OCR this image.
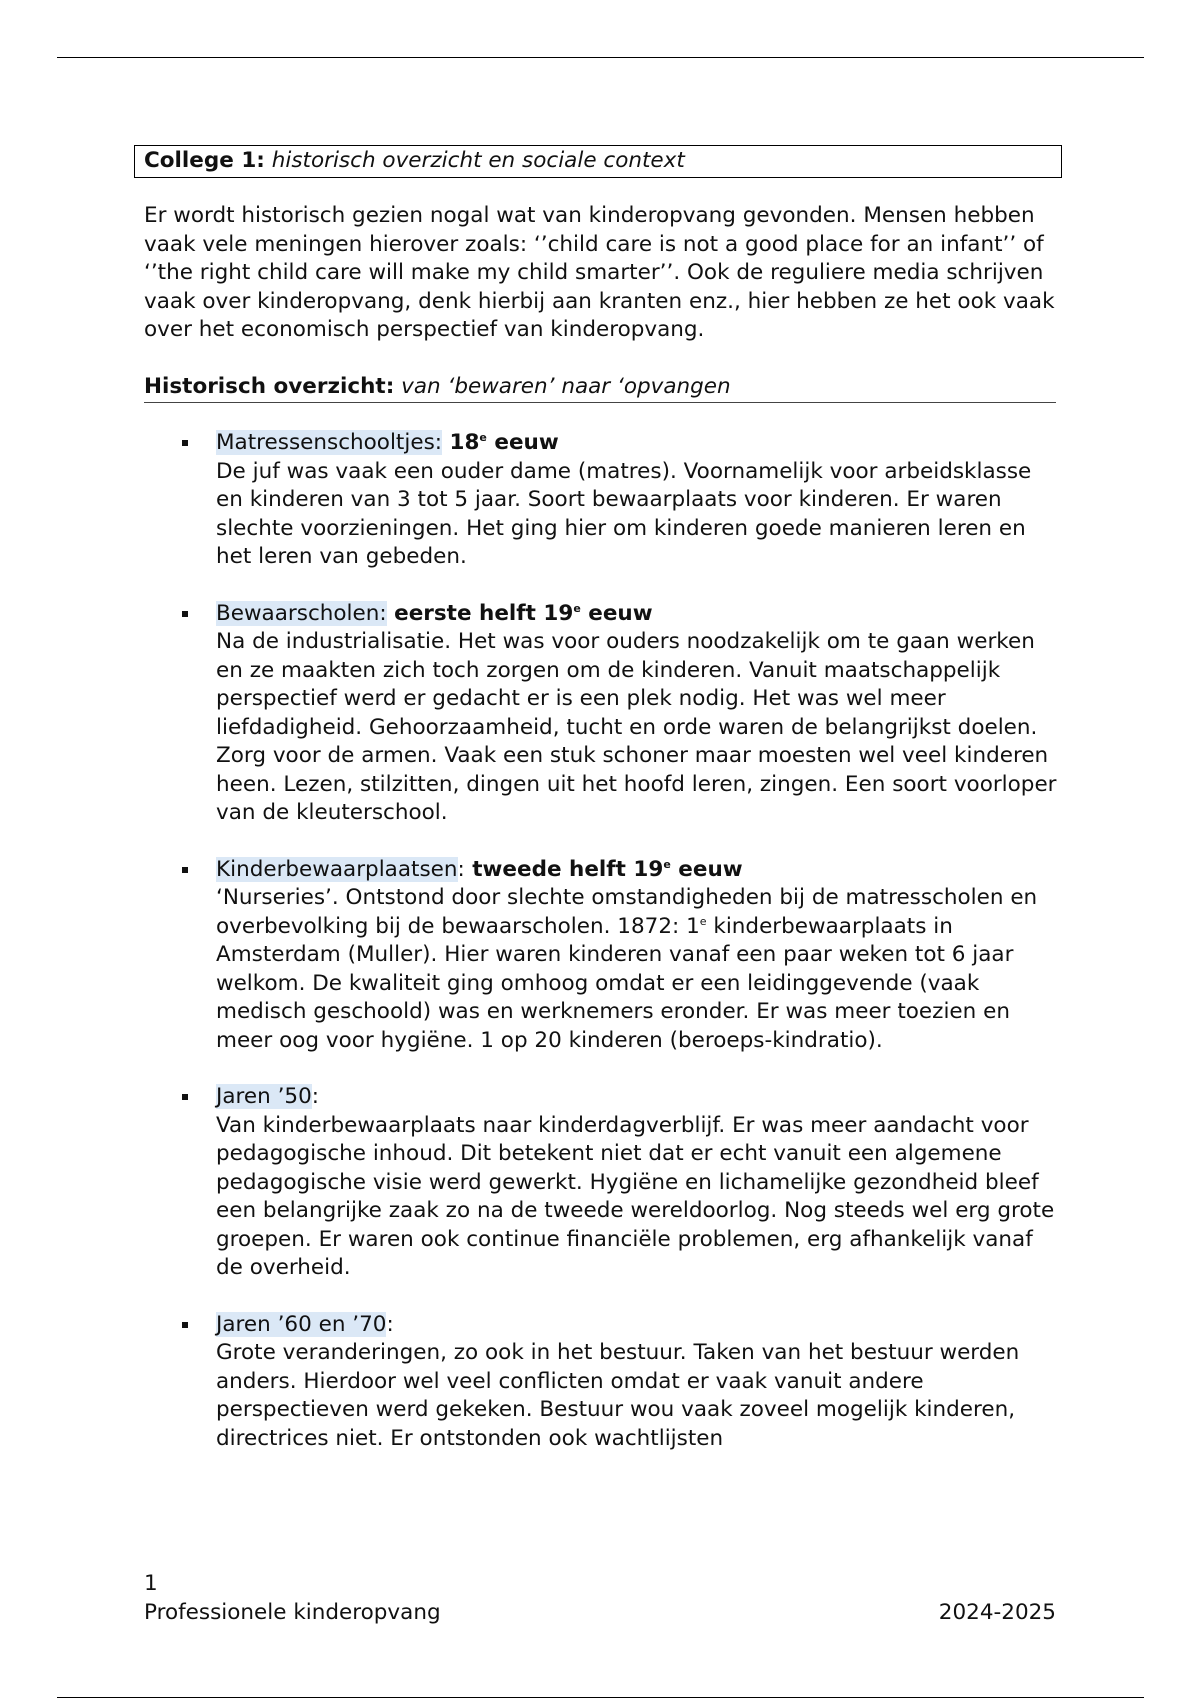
College 1: historisch overzicht en sociale context
Er wordt historisch gezien nogal wat van kinderopvang gevonden. Mensen hebben vaak vele meningen hierover zoals: ‘’child care is not a good place for an infant’’ of ‘’the right child care will make my child smarter’’. Ook de reguliere media schrijven vaak over kinderopvang, denk hierbij aan kranten enz., hier hebben ze het ook vaak over het economisch perspectief van kinderopvang.
Historisch overzicht: van ‘bewaren’ naar ‘opvangen
Matressenschooltjes: 18e eeuw
De juf was vaak een ouder dame (matres). Voornamelijk voor arbeidsklasse en kinderen van 3 tot 5 jaar. Soort bewaarplaats voor kinderen. Er waren slechte voorzieningen. Het ging hier om kinderen goede manieren leren en het leren van gebeden.
Bewaarscholen: eerste helft 19e eeuw
Na de industrialisatie. Het was voor ouders noodzakelijk om te gaan werken en ze maakten zich toch zorgen om de kinderen. Vanuit maatschappelijk perspectief werd er gedacht er is een plek nodig. Het was wel meer liefdadigheid. Gehoorzaamheid, tucht en orde waren de belangrijkst doelen. Zorg voor de armen. Vaak een stuk schoner maar moesten wel veel kinderen heen. Lezen, stilzitten, dingen uit het hoofd leren, zingen. Een soort voorloper van de kleuterschool.
Kinderbewaarplaatsen: tweede helft 19e eeuw
‘Nurseries’. Ontstond door slechte omstandigheden bij de matresscholen en overbevolking bij de bewaarscholen. 1872: 1e kinderbewaarplaats in Amsterdam (Muller). Hier waren kinderen vanaf een paar weken tot 6 jaar welkom. De kwaliteit ging omhoog omdat er een leidinggevende (vaak medisch geschoold) was en werknemers eronder. Er was meer toezien en meer oog voor hygiëne. 1 op 20 kinderen (beroeps-kindratio).
Jaren ’50:
Van kinderbewaarplaats naar kinderdagverblijf. Er was meer aandacht voor pedagogische inhoud. Dit betekent niet dat er echt vanuit een algemene pedagogische visie werd gewerkt. Hygiëne en lichamelijke gezondheid bleef een belangrijke zaak zo na de tweede wereldoorlog. Nog steeds wel erg grote groepen. Er waren ook continue financiële problemen, erg afhankelijk vanaf de overheid.
Jaren ’60 en ’70:
Grote veranderingen, zo ook in het bestuur. Taken van het bestuur werden anders. Hierdoor wel veel conflicten omdat er vaak vanuit andere perspectieven werd gekeken. Bestuur wou vaak zoveel mogelijk kinderen, directrices niet. Er ontstonden ook wachtlijsten
1
Professionele kinderopvang	2024-2025
